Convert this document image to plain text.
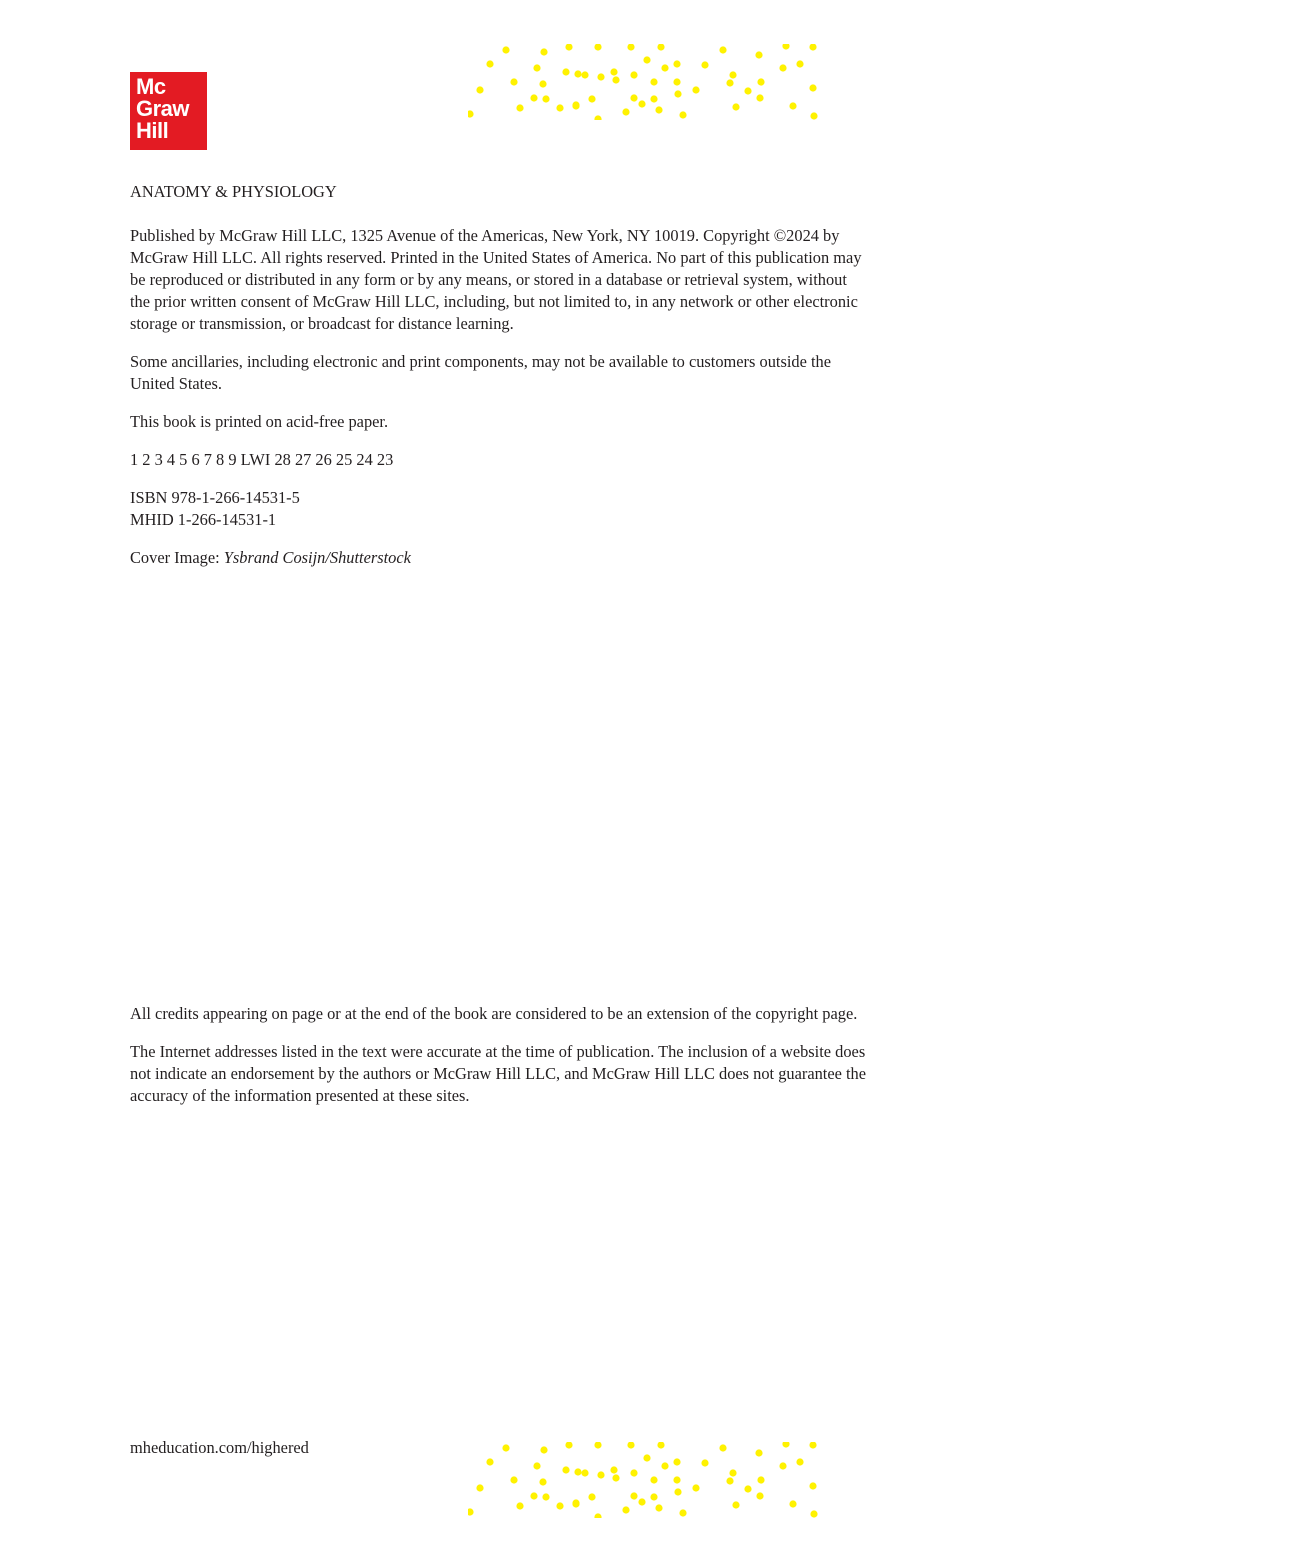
Mc
Graw
Hill

ANATOMY & PHYSIOLOGY

Published by McGraw Hill LLC, 1325 Avenue of the Americas, New York, NY 10019. Copyright ©2024 by
McGraw Hill LLC. All rights reserved. Printed in the United States of America. No part of this publication may
be reproduced or distributed in any form or by any means, or stored in a database or retrieval system, without
the prior written consent of McGraw Hill LLC, including, but not limited to, in any network or other electronic
storage or transmission, or broadcast for distance learning.

Some ancillaries, including electronic and print components, may not be available to customers outside the
United States.

This book is printed on acid-free paper.

1 2 3 4 5 6 7 8 9 LWI 28 27 26 25 24 23

ISBN 978-1-266-14531-5
MHID 1-266-14531-1

Cover Image: Ysbrand Cosijn/Shutterstock

All credits appearing on page or at the end of the book are considered to be an extension of the copyright page.

The Internet addresses listed in the text were accurate at the time of publication. The inclusion of a website does
not indicate an endorsement by the authors or McGraw Hill LLC, and McGraw Hill LLC does not guarantee the
accuracy of the information presented at these sites.

mheducation.com/highered
